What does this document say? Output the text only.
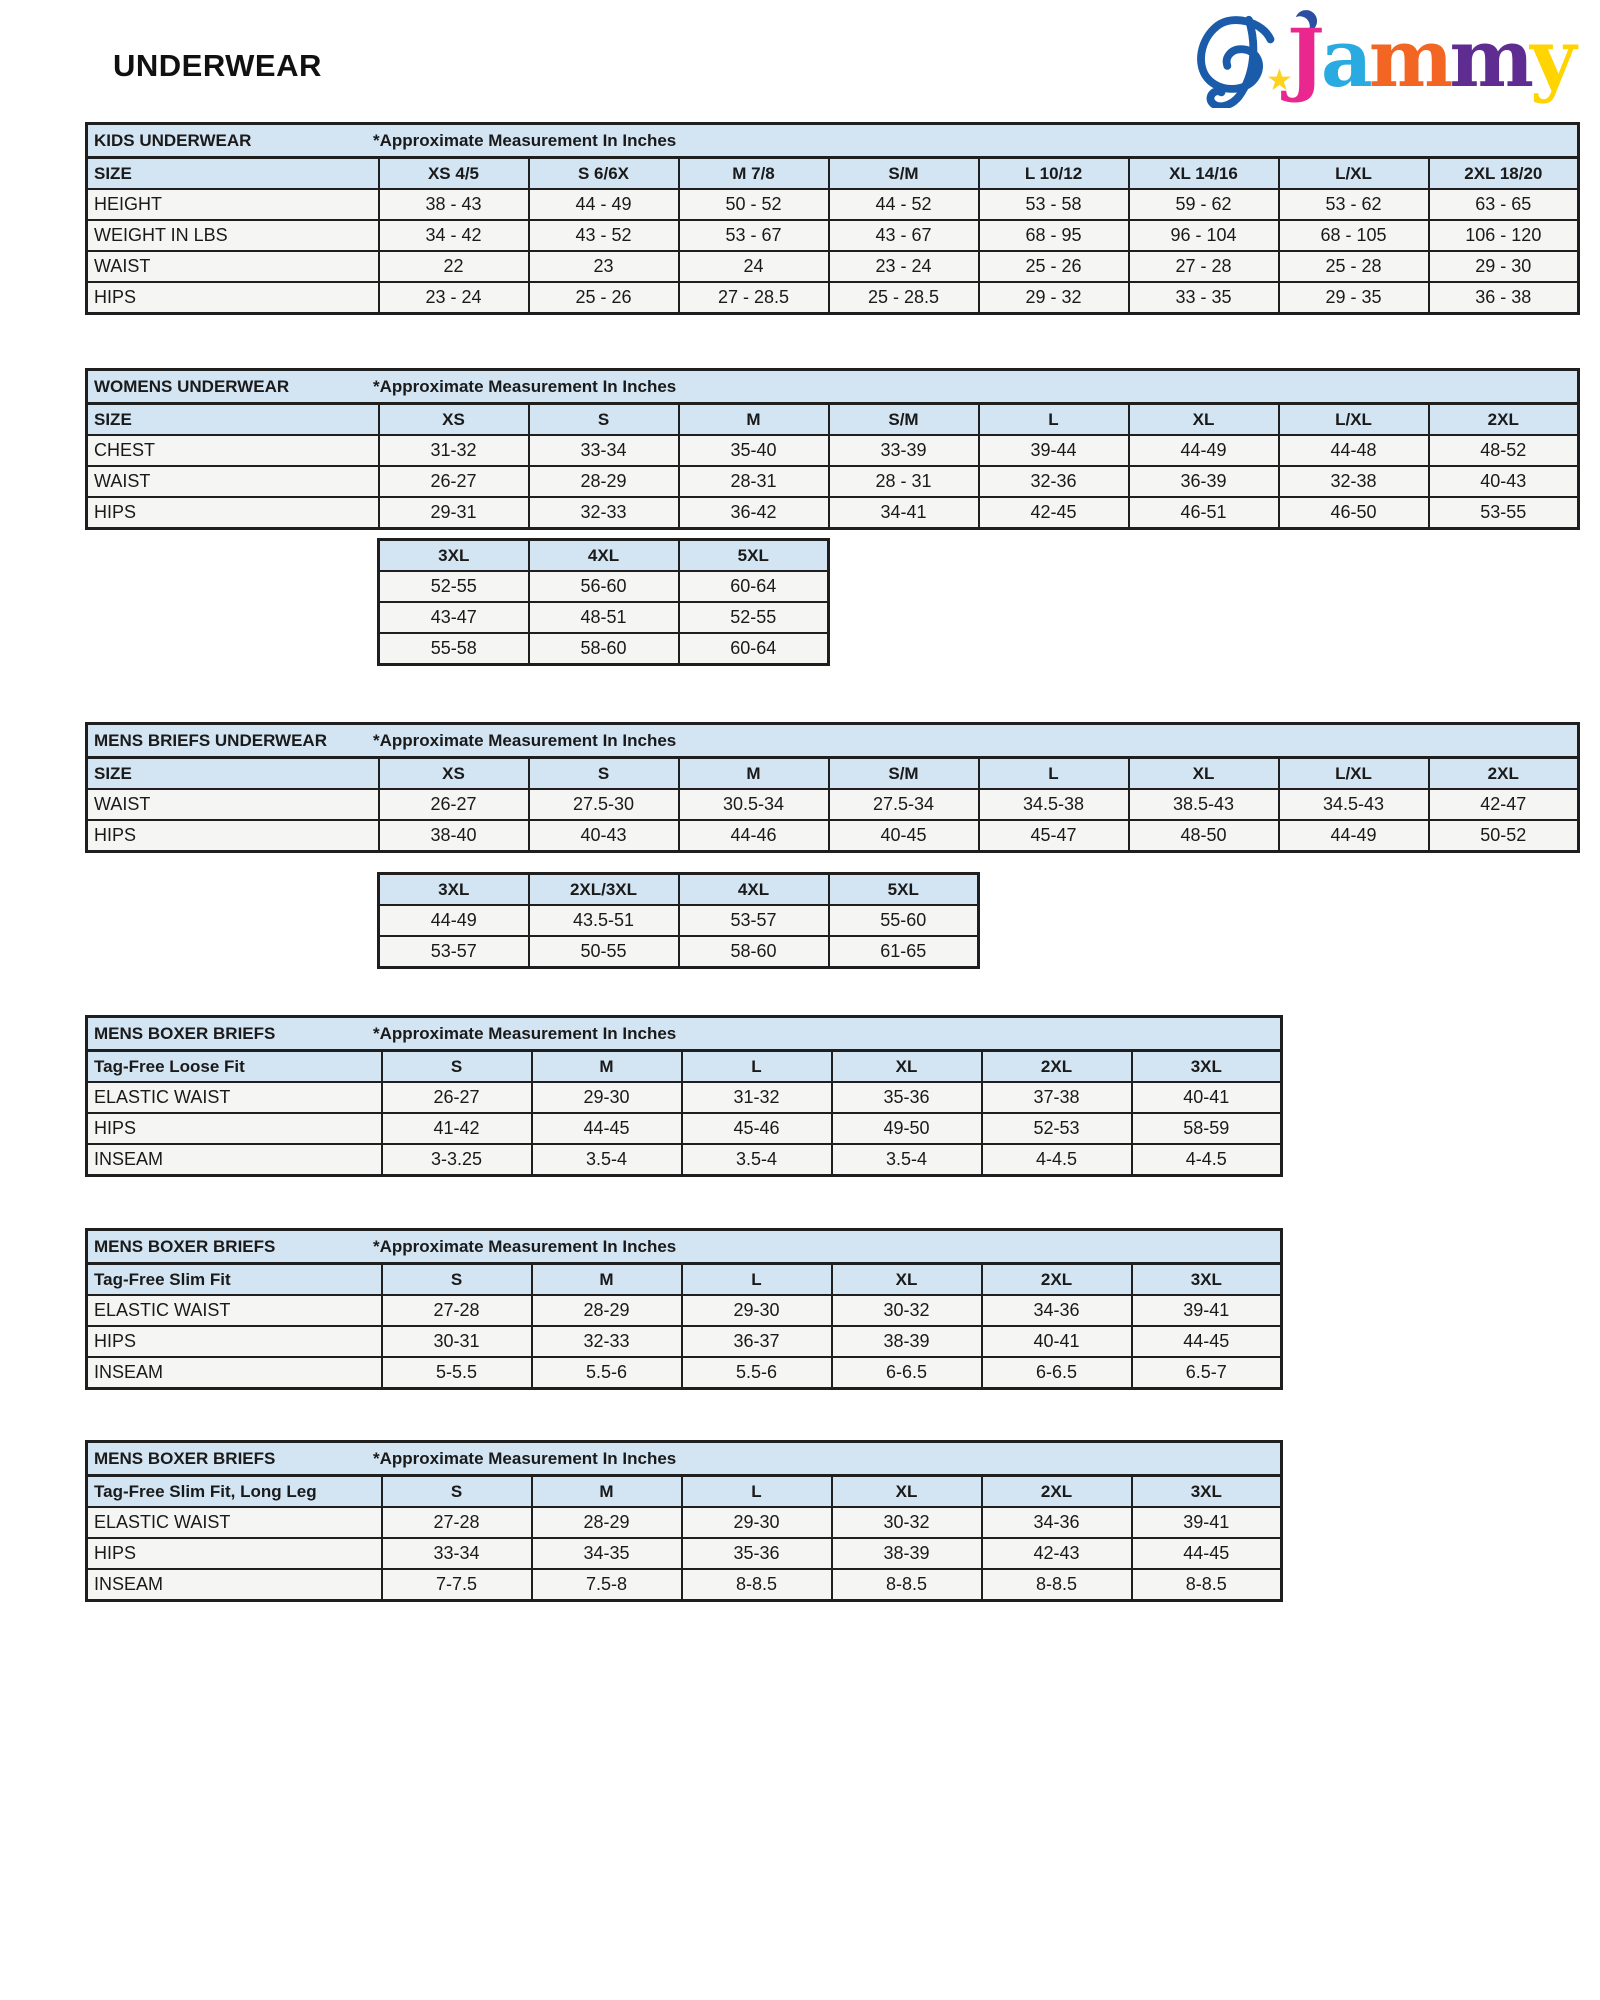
UNDERWEAR	★
Jammy
KIDS UNDERWEAR *Approximate Measurement In Inches								

SIZE	XS 4/5	S 6/6X	M 7/8	S/M	L 10/12	XL 14/16	L/XL	2XL 18/20
HEIGHT	38 - 43	44 - 49	50 - 52	44 - 52	53 - 58	59 - 62	53 - 62	63 - 65
WEIGHT IN LBS	34 - 42	43 - 52	53 - 67	43 - 67	68 - 95	96 - 104	68 - 105	106 - 120
WAIST	22	23	24	23 - 24	25 - 26	27 - 28	25 - 28	29 - 30
HIPS	23 - 24	25 - 26	27 - 28.5	25 - 28.5	29 - 32	33 - 35	29 - 35	36 - 38
WOMENS UNDERWEAR *Approximate Measurement In Inches								

SIZE	XS	S	M	S/M	L	XL	L/XL	2XL
CHEST	31-32	33-34	35-40	33-39	39-44	44-49	44-48	48-52
WAIST	26-27	28-29	28-31	28 - 31	32-36	36-39	32-38	40-43
HIPS	29-31	32-33	36-42	34-41	42-45	46-51	46-50	53-55
3XL	4XL	5XL
52-55	56-60	60-64
43-47	48-51	52-55
55-58	58-60	60-64
MENS BRIEFS UNDERWEAR *Approximate Measurement In Inches								

SIZE	XS	S	M	S/M	L	XL	L/XL	2XL
WAIST	26-27	27.5-30	30.5-34	27.5-34	34.5-38	38.5-43	34.5-43	42-47
HIPS	38-40	40-43	44-46	40-45	45-47	48-50	44-49	50-52
3XL	2XL/3XL	4XL	5XL
44-49	43.5-51	53-57	55-60
53-57	50-55	58-60	61-65
MENS BOXER BRIEFS *Approximate Measurement In Inches						

Tag-Free Loose Fit	S	M	L	XL	2XL	3XL
ELASTIC WAIST	26-27	29-30	31-32	35-36	37-38	40-41
HIPS	41-42	44-45	45-46	49-50	52-53	58-59
INSEAM	3-3.25	3.5-4	3.5-4	3.5-4	4-4.5	4-4.5
MENS BOXER BRIEFS *Approximate Measurement In Inches						

Tag-Free Slim Fit	S	M	L	XL	2XL	3XL
ELASTIC WAIST	27-28	28-29	29-30	30-32	34-36	39-41
HIPS	30-31	32-33	36-37	38-39	40-41	44-45
INSEAM	5-5.5	5.5-6	5.5-6	6-6.5	6-6.5	6.5-7
MENS BOXER BRIEFS *Approximate Measurement In Inches						

Tag-Free Slim Fit, Long Leg	S	M	L	XL	2XL	3XL
ELASTIC WAIST	27-28	28-29	29-30	30-32	34-36	39-41
HIPS	33-34	34-35	35-36	38-39	42-43	44-45
INSEAM	7-7.5	7.5-8	8-8.5	8-8.5	8-8.5	8-8.5
